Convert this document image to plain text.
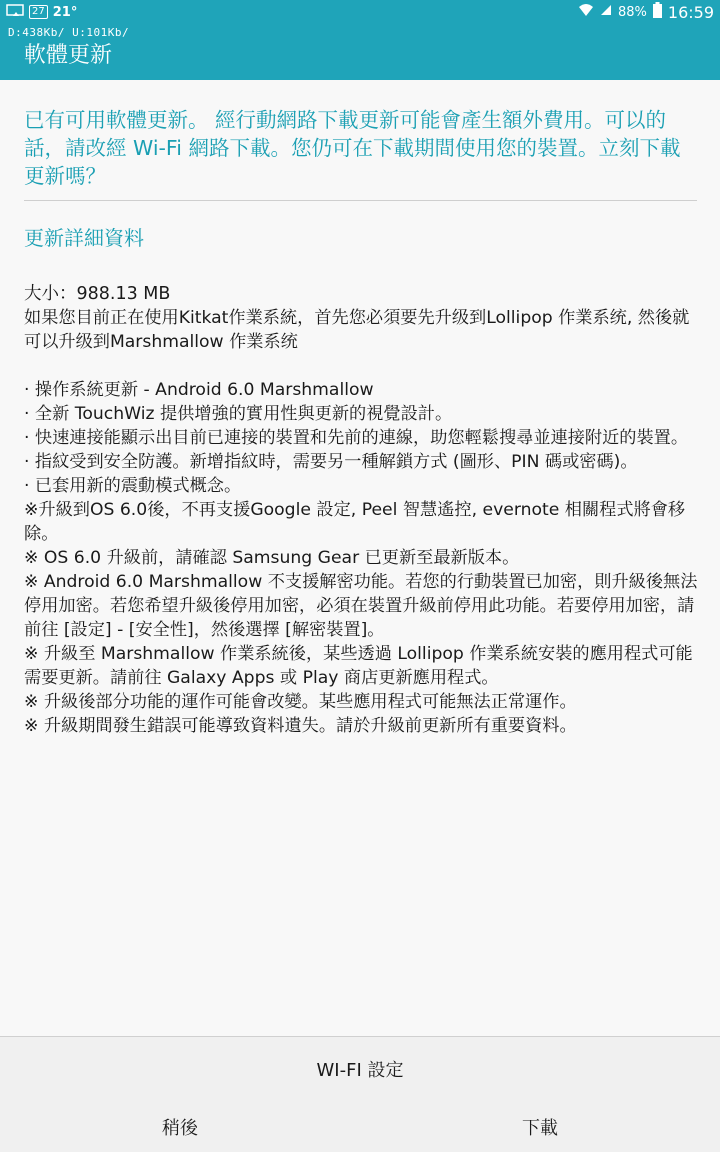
27 21°	88% 16:59
D:438Kb/ U:101Kb/
軟體更新
已有可用軟體更新。 經行動網路下載更新可能會產生額外費用。可以的話，請改經 Wi-Fi 網路下載。您仍可在下載期間使用您的裝置。立刻下載更新嗎？
更新詳細資料
大小：988.13 MB
如果您目前正在使用Kitkat作業系統，首先您必須要先升级到Lollipop 作業系统, 然後就可以升级到Marshmallow 作業系统
· 操作系統更新 - Android 6.0 Marshmallow
· 全新 TouchWiz 提供增強的實用性與更新的視覺設計。
· 快速連接能顯示出目前已連接的裝置和先前的連線，助您輕鬆搜尋並連接附近的裝置。
· 指紋受到安全防護。新增指紋時，需要另一種解鎖方式 (圖形、PIN 碼或密碼)。
· 已套用新的震動模式概念。
※升級到OS 6.0後，不再支援Google 設定, Peel 智慧遙控, evernote 相關程式將會移除。
※ OS 6.0 升級前，請確認 Samsung Gear 已更新至最新版本。
※ Android 6.0 Marshmallow 不支援解密功能。若您的行動裝置已加密，則升級後無法停用加密。若您希望升級後停用加密，必須在裝置升級前停用此功能。若要停用加密，請前往 [設定] - [安全性]，然後選擇 [解密裝置]。
※ 升級至 Marshmallow 作業系統後，某些透過 Lollipop 作業系統安裝的應用程式可能需要更新。請前往 Galaxy Apps 或 Play 商店更新應用程式。
※ 升級後部分功能的運作可能會改變。某些應用程式可能無法正常運作。
※ 升級期間發生錯誤可能導致資料遺失。請於升級前更新所有重要資料。
WI-FI 設定
稍後	下載
